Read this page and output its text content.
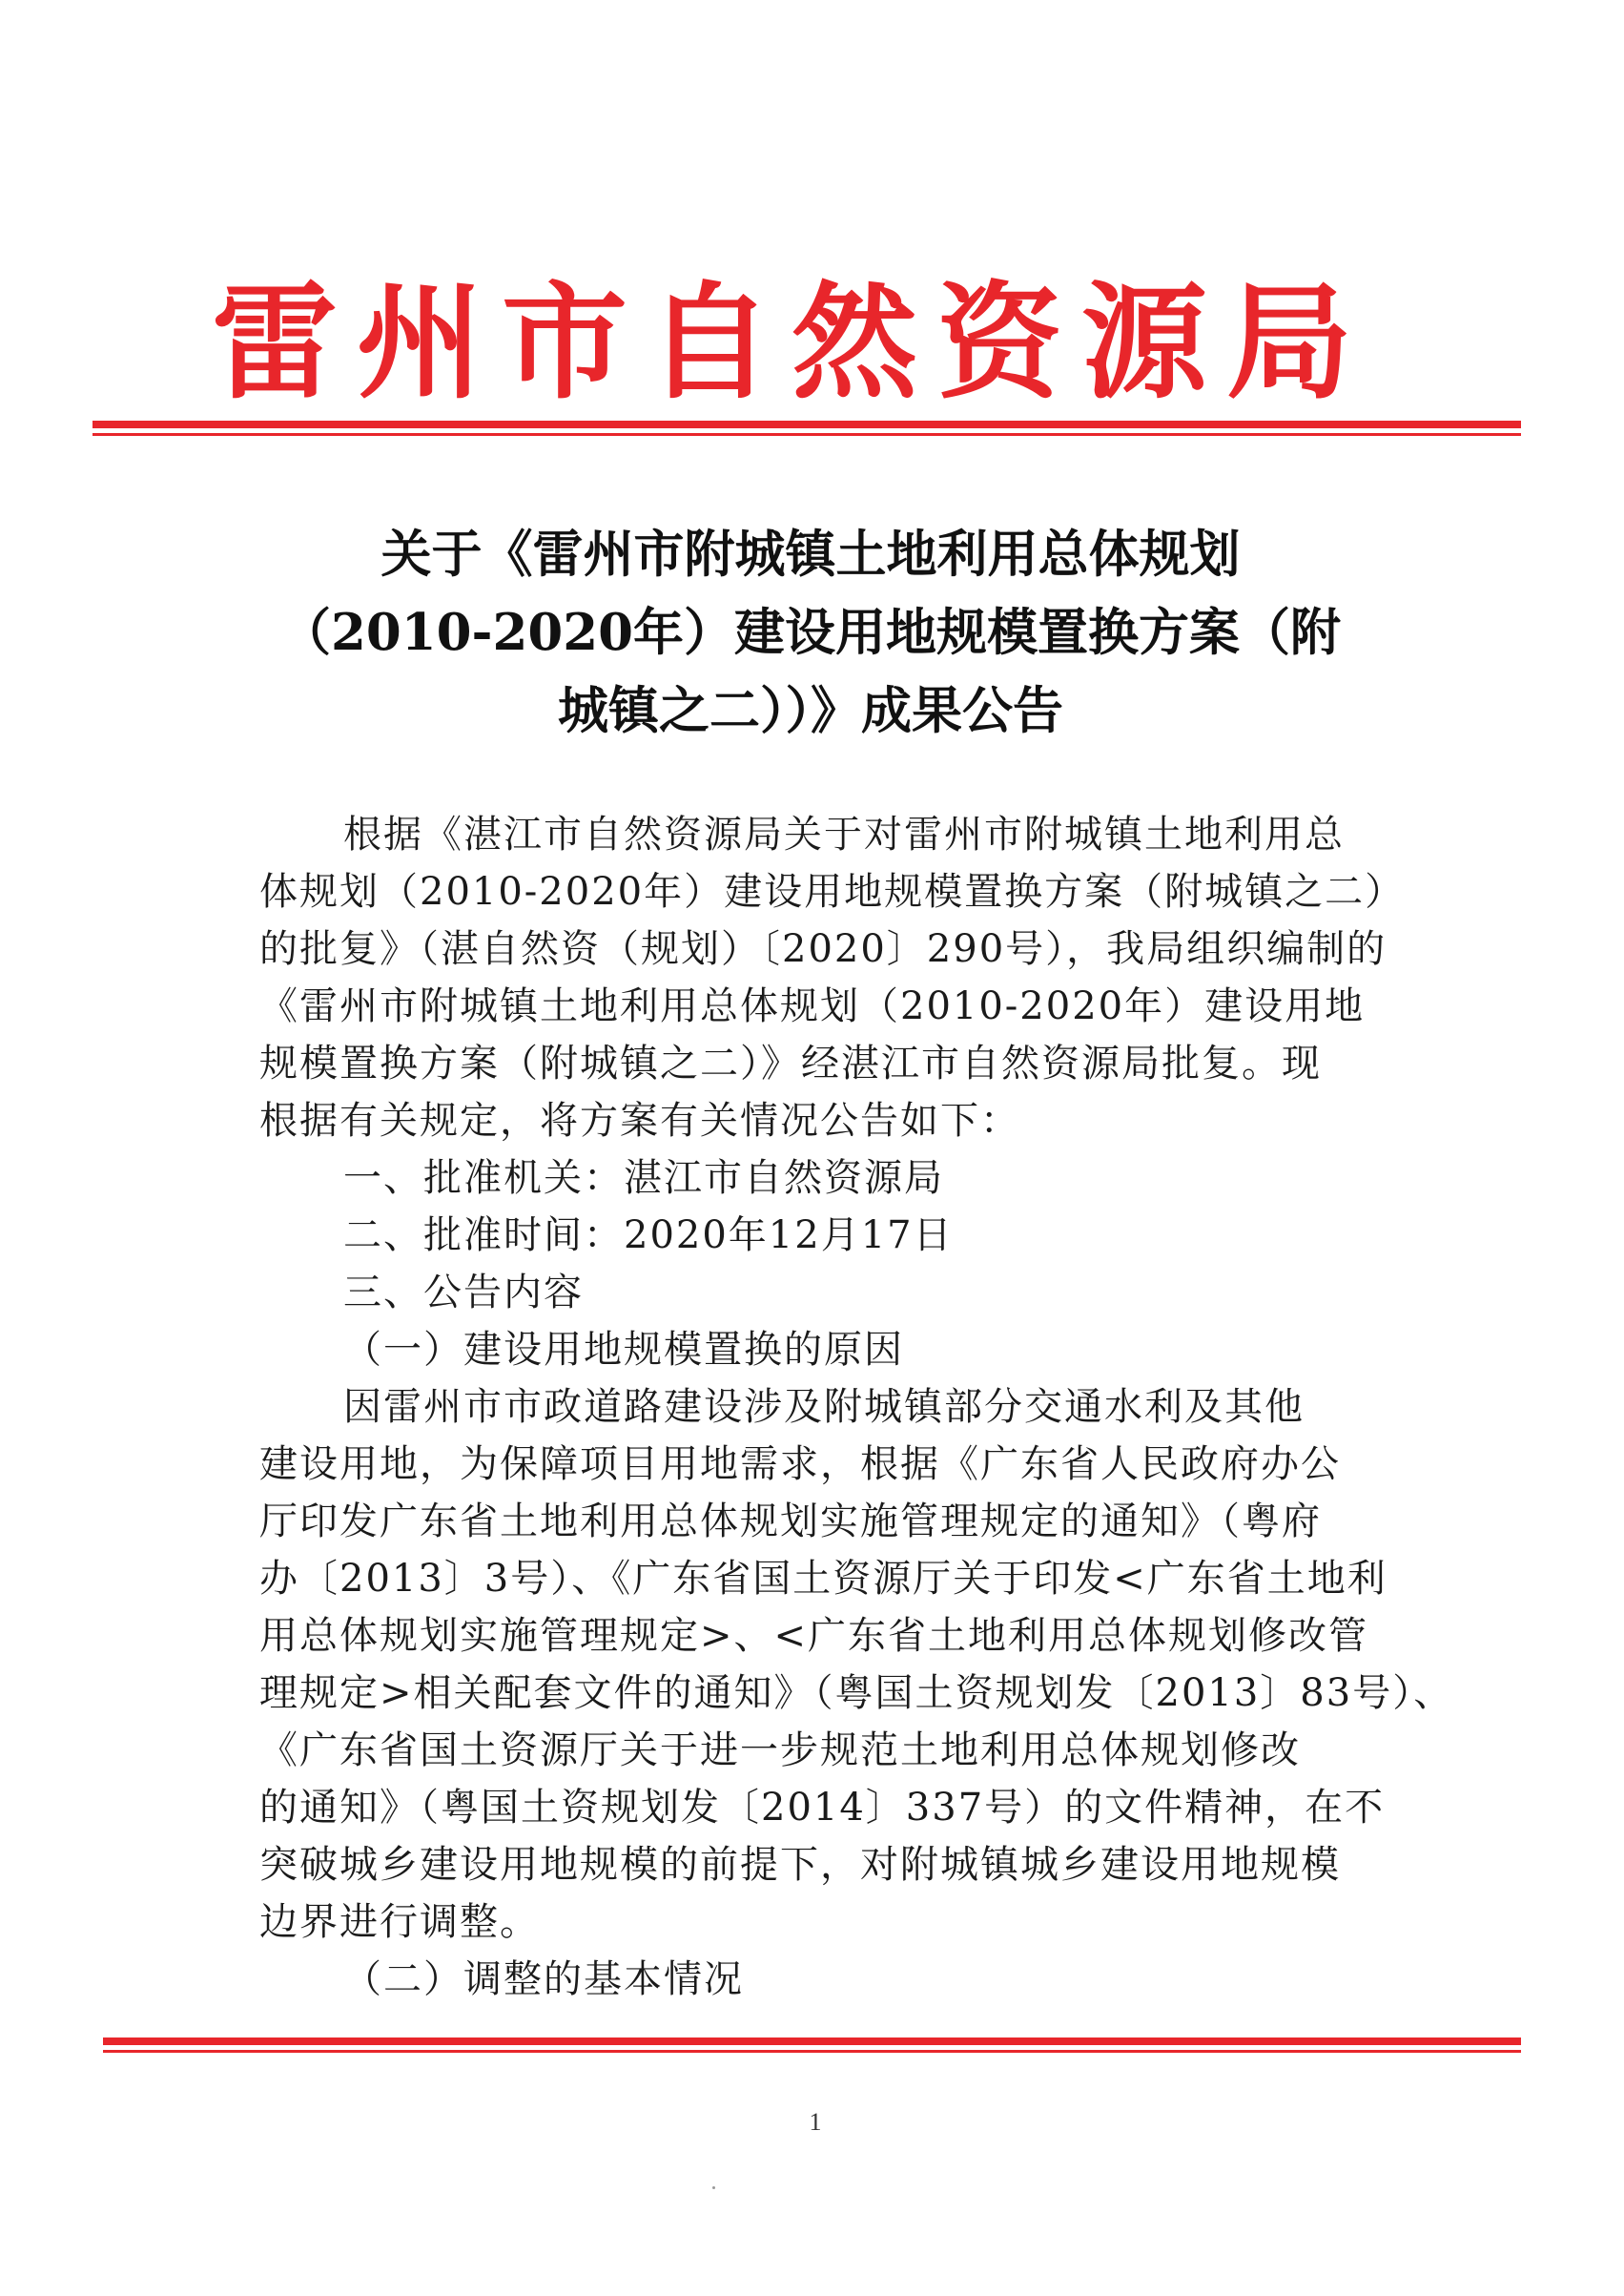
雷州市自然资源局
关于《雷州市附城镇土地利用总体规划
（2010-2020年）建设用地规模置换方案（附
城镇之二））》成果公告
根据《湛江市自然资源局关于对雷州市附城镇土地利用总
体规划（2010-2020年）建设用地规模置换方案（附城镇之二）
的批复》（湛自然资（规划）〔2020〕290号），我局组织编制的
《雷州市附城镇土地利用总体规划（2010-2020年）建设用地
规模置换方案（附城镇之二）》经湛江市自然资源局批复。现
根据有关规定，将方案有关情况公告如下：
一、批准机关：湛江市自然资源局
二、批准时间：2020年12月17日
三、公告内容
（一）建设用地规模置换的原因
因雷州市市政道路建设涉及附城镇部分交通水利及其他
建设用地，为保障项目用地需求，根据《广东省人民政府办公
厅印发广东省土地利用总体规划实施管理规定的通知》（粤府
办〔2013〕3号）、《广东省国土资源厅关于印发<广东省土地利
用总体规划实施管理规定>、<广东省土地利用总体规划修改管
理规定>相关配套文件的通知》（粤国土资规划发〔2013〕83号）、
《广东省国土资源厅关于进一步规范土地利用总体规划修改
的通知》（粤国土资规划发〔2014〕337号）的文件精神，在不
突破城乡建设用地规模的前提下，对附城镇城乡建设用地规模
边界进行调整。
（二）调整的基本情况
1
